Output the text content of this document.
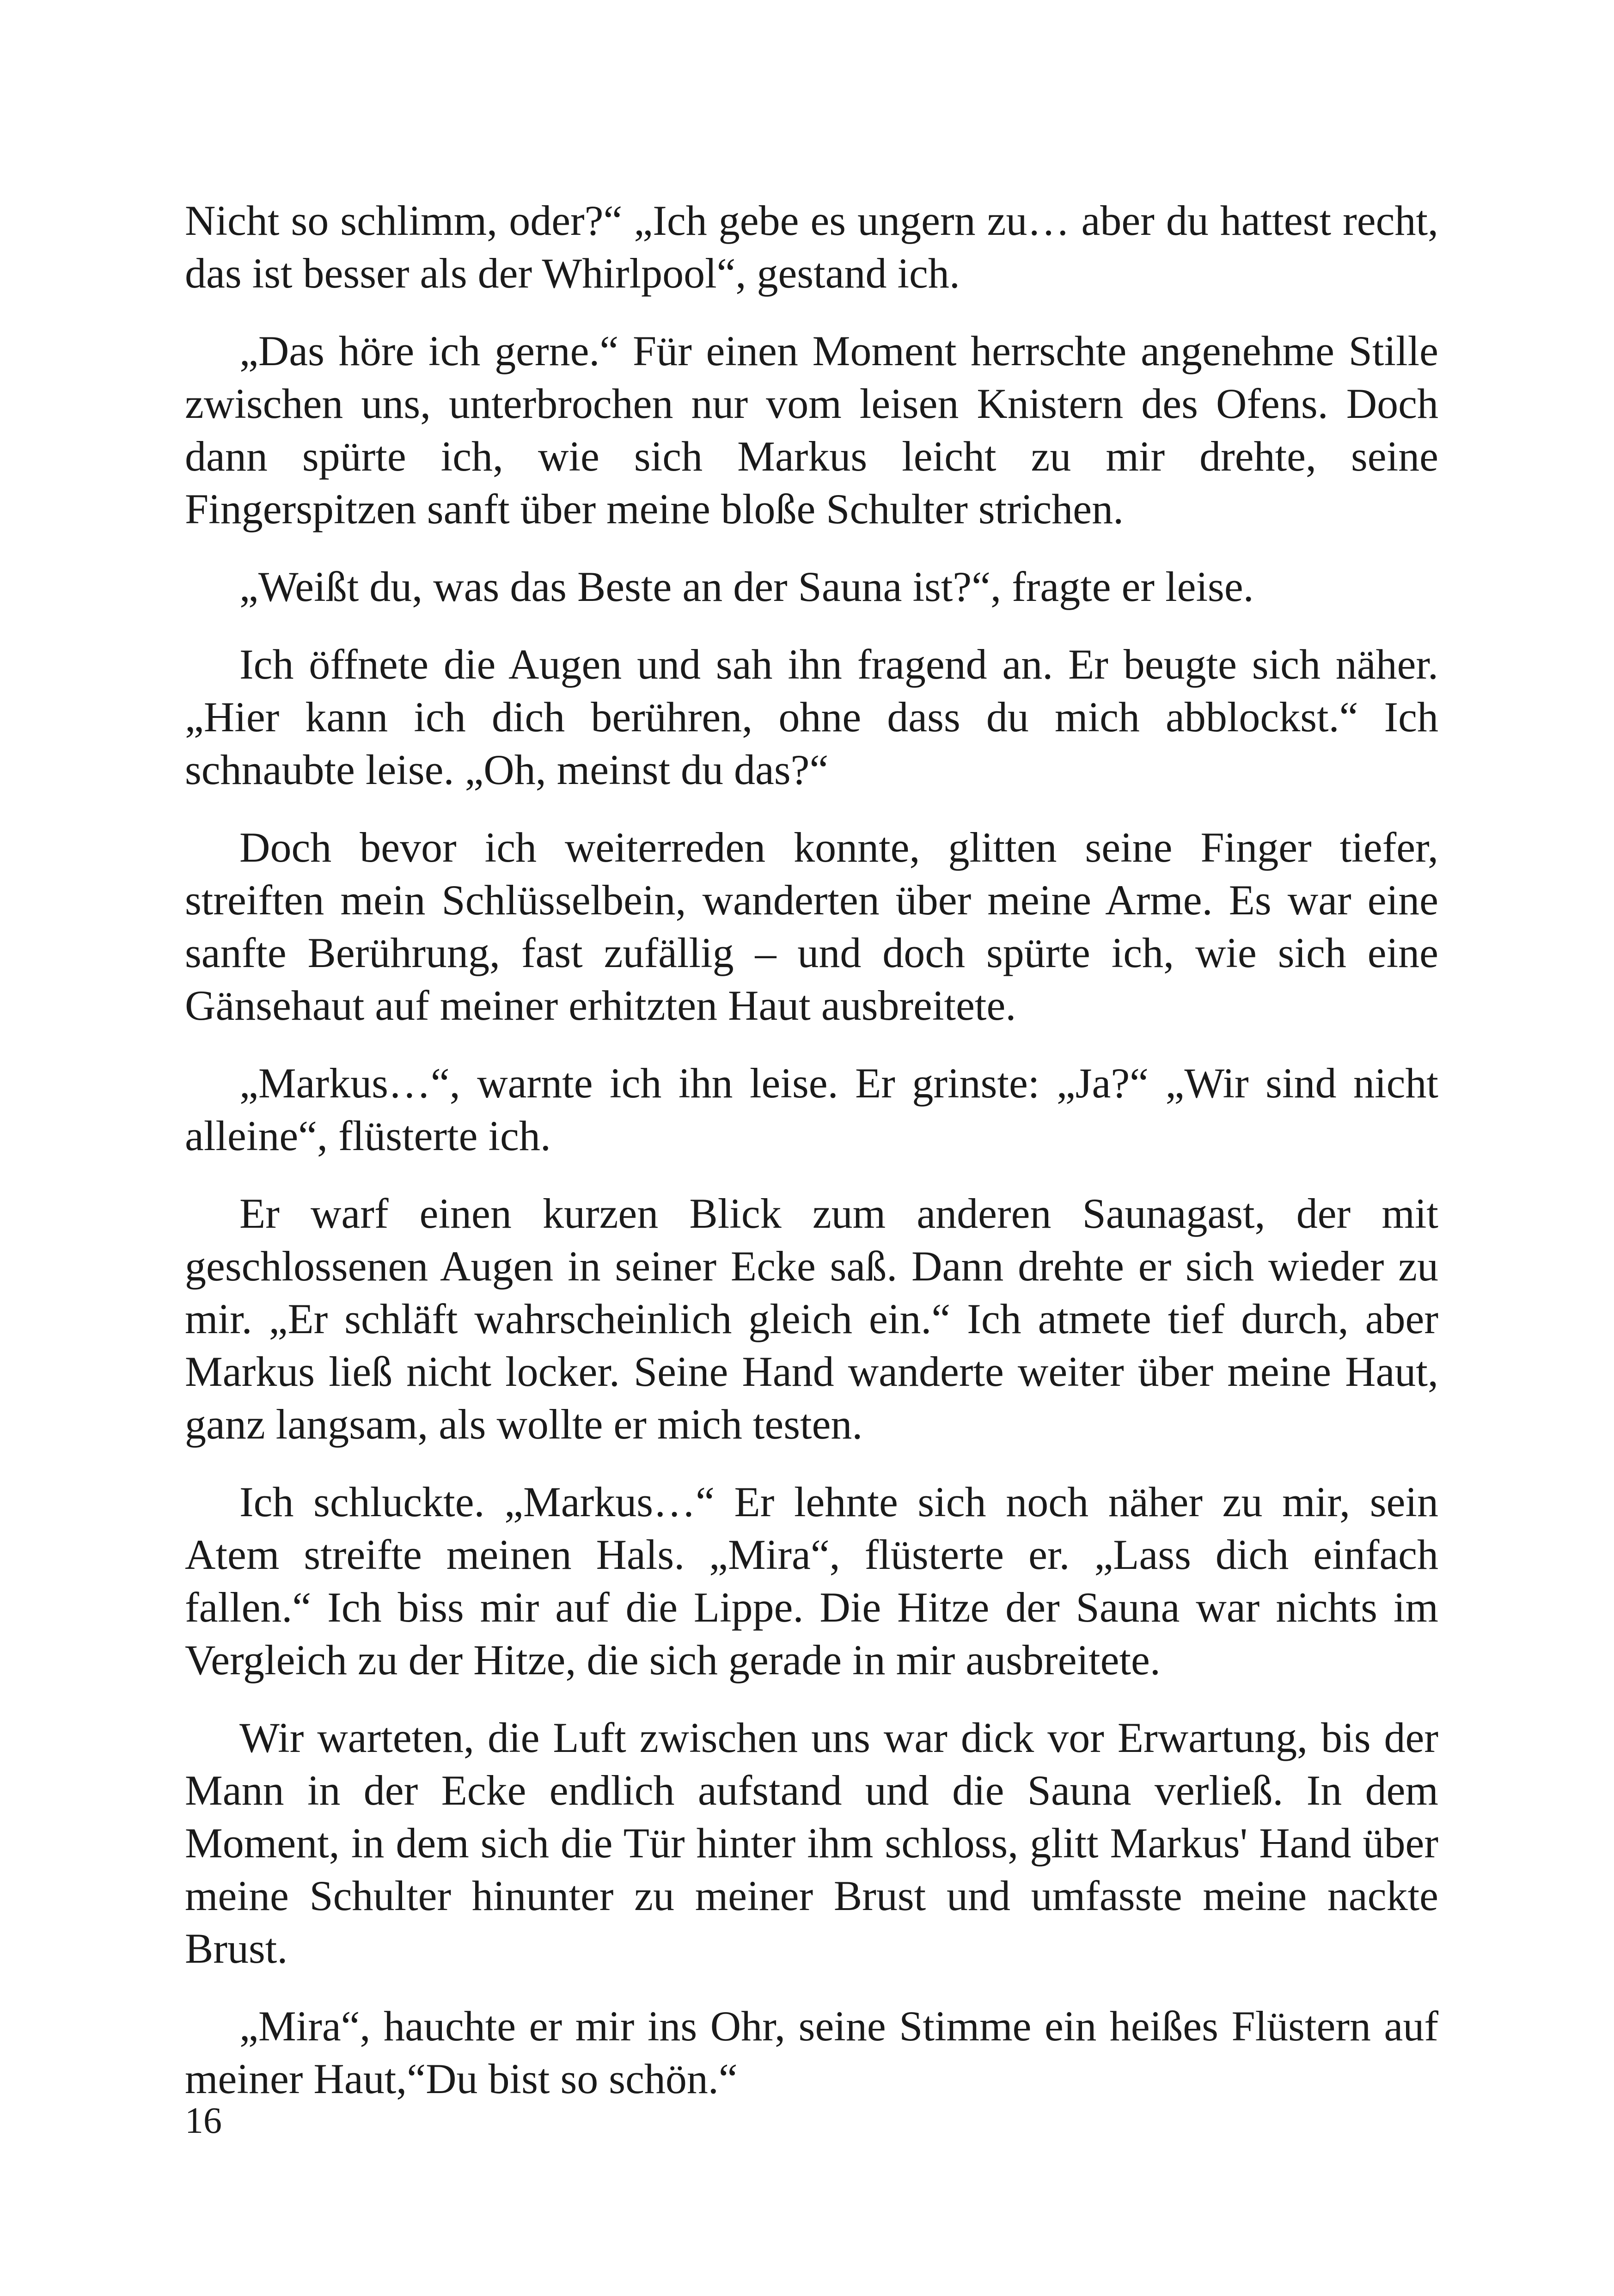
Nicht so schlimm, oder?“ „Ich gebe es ungern zu… aber du hattest recht, das ist besser als der Whirlpool“, gestand ich.

„Das höre ich gerne.“ Für einen Moment herrschte angenehme Stille zwischen uns, unterbrochen nur vom leisen Knistern des Ofens. Doch dann spürte ich, wie sich Markus leicht zu mir drehte, seine Fingerspitzen sanft über meine bloße Schulter strichen.

„Weißt du, was das Beste an der Sauna ist?“, fragte er leise.

Ich öffnete die Augen und sah ihn fragend an. Er beugte sich näher. „Hier kann ich dich berühren, ohne dass du mich abblockst.“ Ich schnaubte leise. „Oh, meinst du das?“

Doch bevor ich weiterreden konnte, glitten seine Finger tiefer, streiften mein Schlüsselbein, wanderten über meine Arme. Es war eine sanfte Berührung, fast zufällig – und doch spürte ich, wie sich eine Gänsehaut auf meiner erhitzten Haut ausbreitete.

„Markus…“, warnte ich ihn leise. Er grinste: „Ja?“ „Wir sind nicht alleine“, flüsterte ich.

Er warf einen kurzen Blick zum anderen Saunagast, der mit geschlossenen Augen in seiner Ecke saß. Dann drehte er sich wieder zu mir. „Er schläft wahrscheinlich gleich ein.“ Ich atmete tief durch, aber Markus ließ nicht locker. Seine Hand wanderte weiter über meine Haut, ganz langsam, als wollte er mich testen.

Ich schluckte. „Markus…“ Er lehnte sich noch näher zu mir, sein Atem streifte meinen Hals. „Mira“, flüsterte er. „Lass dich einfach fallen.“ Ich biss mir auf die Lippe. Die Hitze der Sauna war nichts im Vergleich zu der Hitze, die sich gerade in mir ausbreitete.

Wir warteten, die Luft zwischen uns war dick vor Erwartung, bis der Mann in der Ecke endlich aufstand und die Sauna verließ. In dem Moment, in dem sich die Tür hinter ihm schloss, glitt Markus' Hand über meine Schulter hinunter zu meiner Brust und umfasste meine nackte Brust.

„Mira“, hauchte er mir ins Ohr, seine Stimme ein heißes Flüstern auf meiner Haut,“Du bist so schön.“

16
